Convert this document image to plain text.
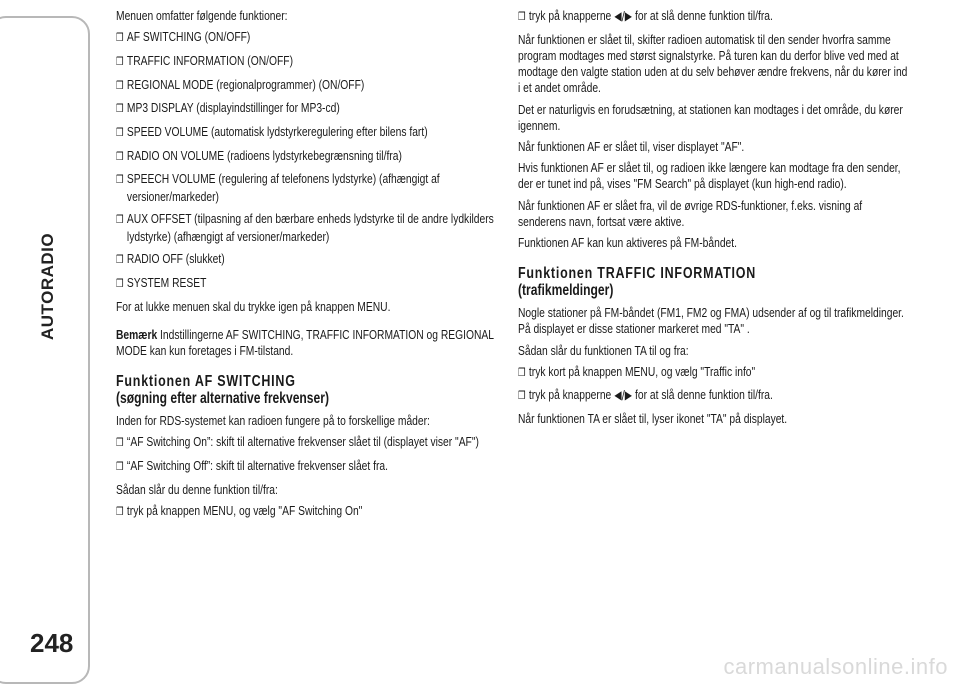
AUTORADIO
248

Menuen omfatter følgende funktioner:

❒ AF SWITCHING (ON/OFF)
❒ TRAFFIC INFORMATION (ON/OFF)
❒ REGIONAL MODE (regionalprogrammer) (ON/OFF)
❒ MP3 DISPLAY (displayindstillinger for MP3-cd)
❒ SPEED VOLUME (automatisk lydstyrkeregulering efter bilens fart)
❒ RADIO ON VOLUME (radioens lydstyrkebegrænsning til/fra)
❒ SPEECH VOLUME (regulering af telefonens lydstyrke) (afhængigt af versioner/markeder)
❒ AUX OFFSET (tilpasning af den bærbare enheds lydstyrke til de andre lydkilders lydstyrke) (afhængigt af versioner/markeder)
❒ RADIO OFF (slukket)
❒ SYSTEM RESET

For at lukke menuen skal du trykke igen på knappen MENU.

Bemærk Indstillingerne AF SWITCHING, TRAFFIC INFORMATION og REGIONAL MODE kan kun foretages i FM-tilstand.

Funktionen AF SWITCHING
(søgning efter alternative frekvenser)

Inden for RDS-systemet kan radioen fungere på to forskellige måder:

❒ “AF Switching On”: skift til alternative frekvenser slået til (displayet viser "AF")
❒ “AF Switching Off”: skift til alternative frekvenser slået fra.

Sådan slår du denne funktion til/fra:

❒ tryk på knappen MENU, og vælg "AF Switching On"
❒ tryk på knapperne ◀/▶ for at slå denne funktion til/fra.

Når funktionen er slået til, skifter radioen automatisk til den sender hvorfra samme program modtages med størst signalstyrke. På turen kan du derfor blive ved med at modtage den valgte station uden at du selv behøver ændre frekvens, når du kører ind i et andet område.

Det er naturligvis en forudsætning, at stationen kan modtages i det område, du kører igennem.

Når funktionen AF er slået til, viser displayet "AF".

Hvis funktionen AF er slået til, og radioen ikke længere kan modtage fra den sender, der er tunet ind på, vises "FM Search" på displayet (kun high-end radio).

Når funktionen AF er slået fra, vil de øvrige RDS-funktioner, f.eks. visning af senderens navn, fortsat være aktive.

Funktionen AF kan kun aktiveres på FM-båndet.

Funktionen TRAFFIC INFORMATION
(trafikmeldinger)

Nogle stationer på FM-båndet (FM1, FM2 og FMA) udsender af og til trafikmeldinger. På displayet er disse stationer markeret med "TA" .

Sådan slår du funktionen TA til og fra:

❒ tryk kort på knappen MENU, og vælg "Traffic info"
❒ tryk på knapperne ◀/▶ for at slå denne funktion til/fra.

Når funktionen TA er slået til, lyser ikonet "TA" på displayet.

carmanualsonline.info
